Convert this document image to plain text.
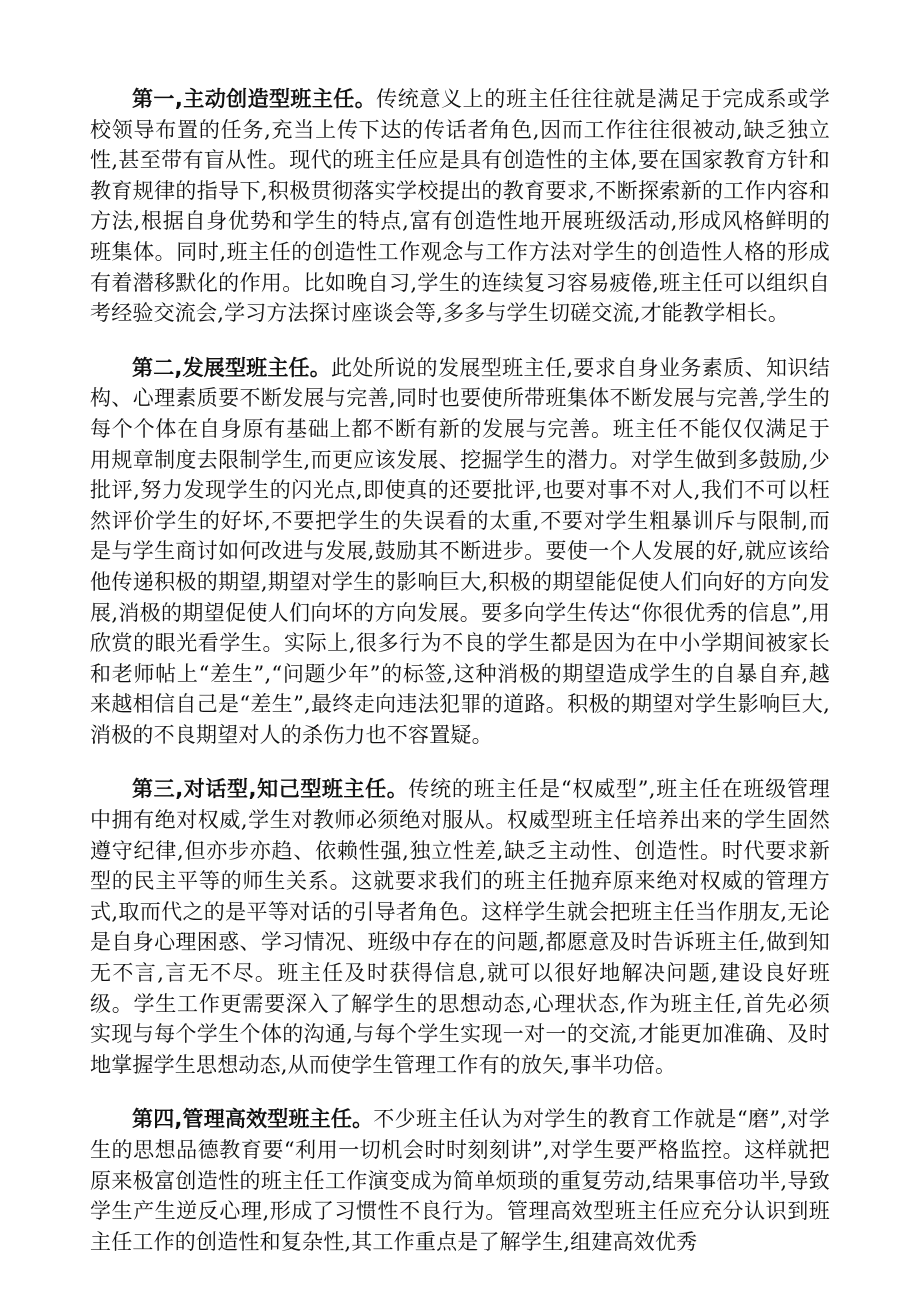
第一,主动创造型班主任。传统意义上的班主任往往就是满足于完成系或学校领导布置的任务,充当上传下达的传话者角色,因而工作往往很被动,缺乏独立性,甚至带有盲从性。现代的班主任应是具有创造性的主体,要在国家教育方针和教育规律的指导下,积极贯彻落实学校提出的教育要求,不断探索新的工作内容和方法,根据自身优势和学生的特点,富有创造性地开展班级活动,形成风格鲜明的班集体。同时,班主任的创造性工作观念与工作方法对学生的创造性人格的形成有着潜移默化的作用。比如晚自习,学生的连续复习容易疲倦,班主任可以组织自考经验交流会,学习方法探讨座谈会等,多多与学生切磋交流,才能教学相长。

第二,发展型班主任。此处所说的发展型班主任,要求自身业务素质、知识结构、心理素质要不断发展与完善,同时也要使所带班集体不断发展与完善,学生的每个个体在自身原有基础上都不断有新的发展与完善。班主任不能仅仅满足于用规章制度去限制学生,而更应该发展、挖掘学生的潜力。对学生做到多鼓励,少批评,努力发现学生的闪光点,即使真的还要批评,也要对事不对人,我们不可以枉然评价学生的好坏,不要把学生的失误看的太重,不要对学生粗暴训斥与限制,而是与学生商讨如何改进与发展,鼓励其不断进步。要使一个人发展的好,就应该给他传递积极的期望,期望对学生的影响巨大,积极的期望能促使人们向好的方向发展,消极的期望促使人们向坏的方向发展。要多向学生传达“你很优秀的信息”,用欣赏的眼光看学生。实际上,很多行为不良的学生都是因为在中小学期间被家长和老师帖上“差生”,“问题少年”的标签,这种消极的期望造成学生的自暴自弃,越来越相信自己是“差生”,最终走向违法犯罪的道路。积极的期望对学生影响巨大,消极的不良期望对人的杀伤力也不容置疑。

第三,对话型,知己型班主任。传统的班主任是“权威型”,班主任在班级管理中拥有绝对权威,学生对教师必须绝对服从。权威型班主任培养出来的学生固然遵守纪律,但亦步亦趋、依赖性强,独立性差,缺乏主动性、创造性。时代要求新型的民主平等的师生关系。这就要求我们的班主任抛弃原来绝对权威的管理方式,取而代之的是平等对话的引导者角色。这样学生就会把班主任当作朋友,无论是自身心理困惑、学习情况、班级中存在的问题,都愿意及时告诉班主任,做到知无不言,言无不尽。班主任及时获得信息,就可以很好地解决问题,建设良好班级。学生工作更需要深入了解学生的思想动态,心理状态,作为班主任,首先必须实现与每个学生个体的沟通,与每个学生实现一对一的交流,才能更加准确、及时地掌握学生思想动态,从而使学生管理工作有的放矢,事半功倍。

第四,管理高效型班主任。不少班主任认为对学生的教育工作就是“磨”,对学生的思想品德教育要“利用一切机会时时刻刻讲”,对学生要严格监控。这样就把原来极富创造性的班主任工作演变成为简单烦琐的重复劳动,结果事倍功半,导致学生产生逆反心理,形成了习惯性不良行为。管理高效型班主任应充分认识到班主任工作的创造性和复杂性,其工作重点是了解学生,组建高效优秀
